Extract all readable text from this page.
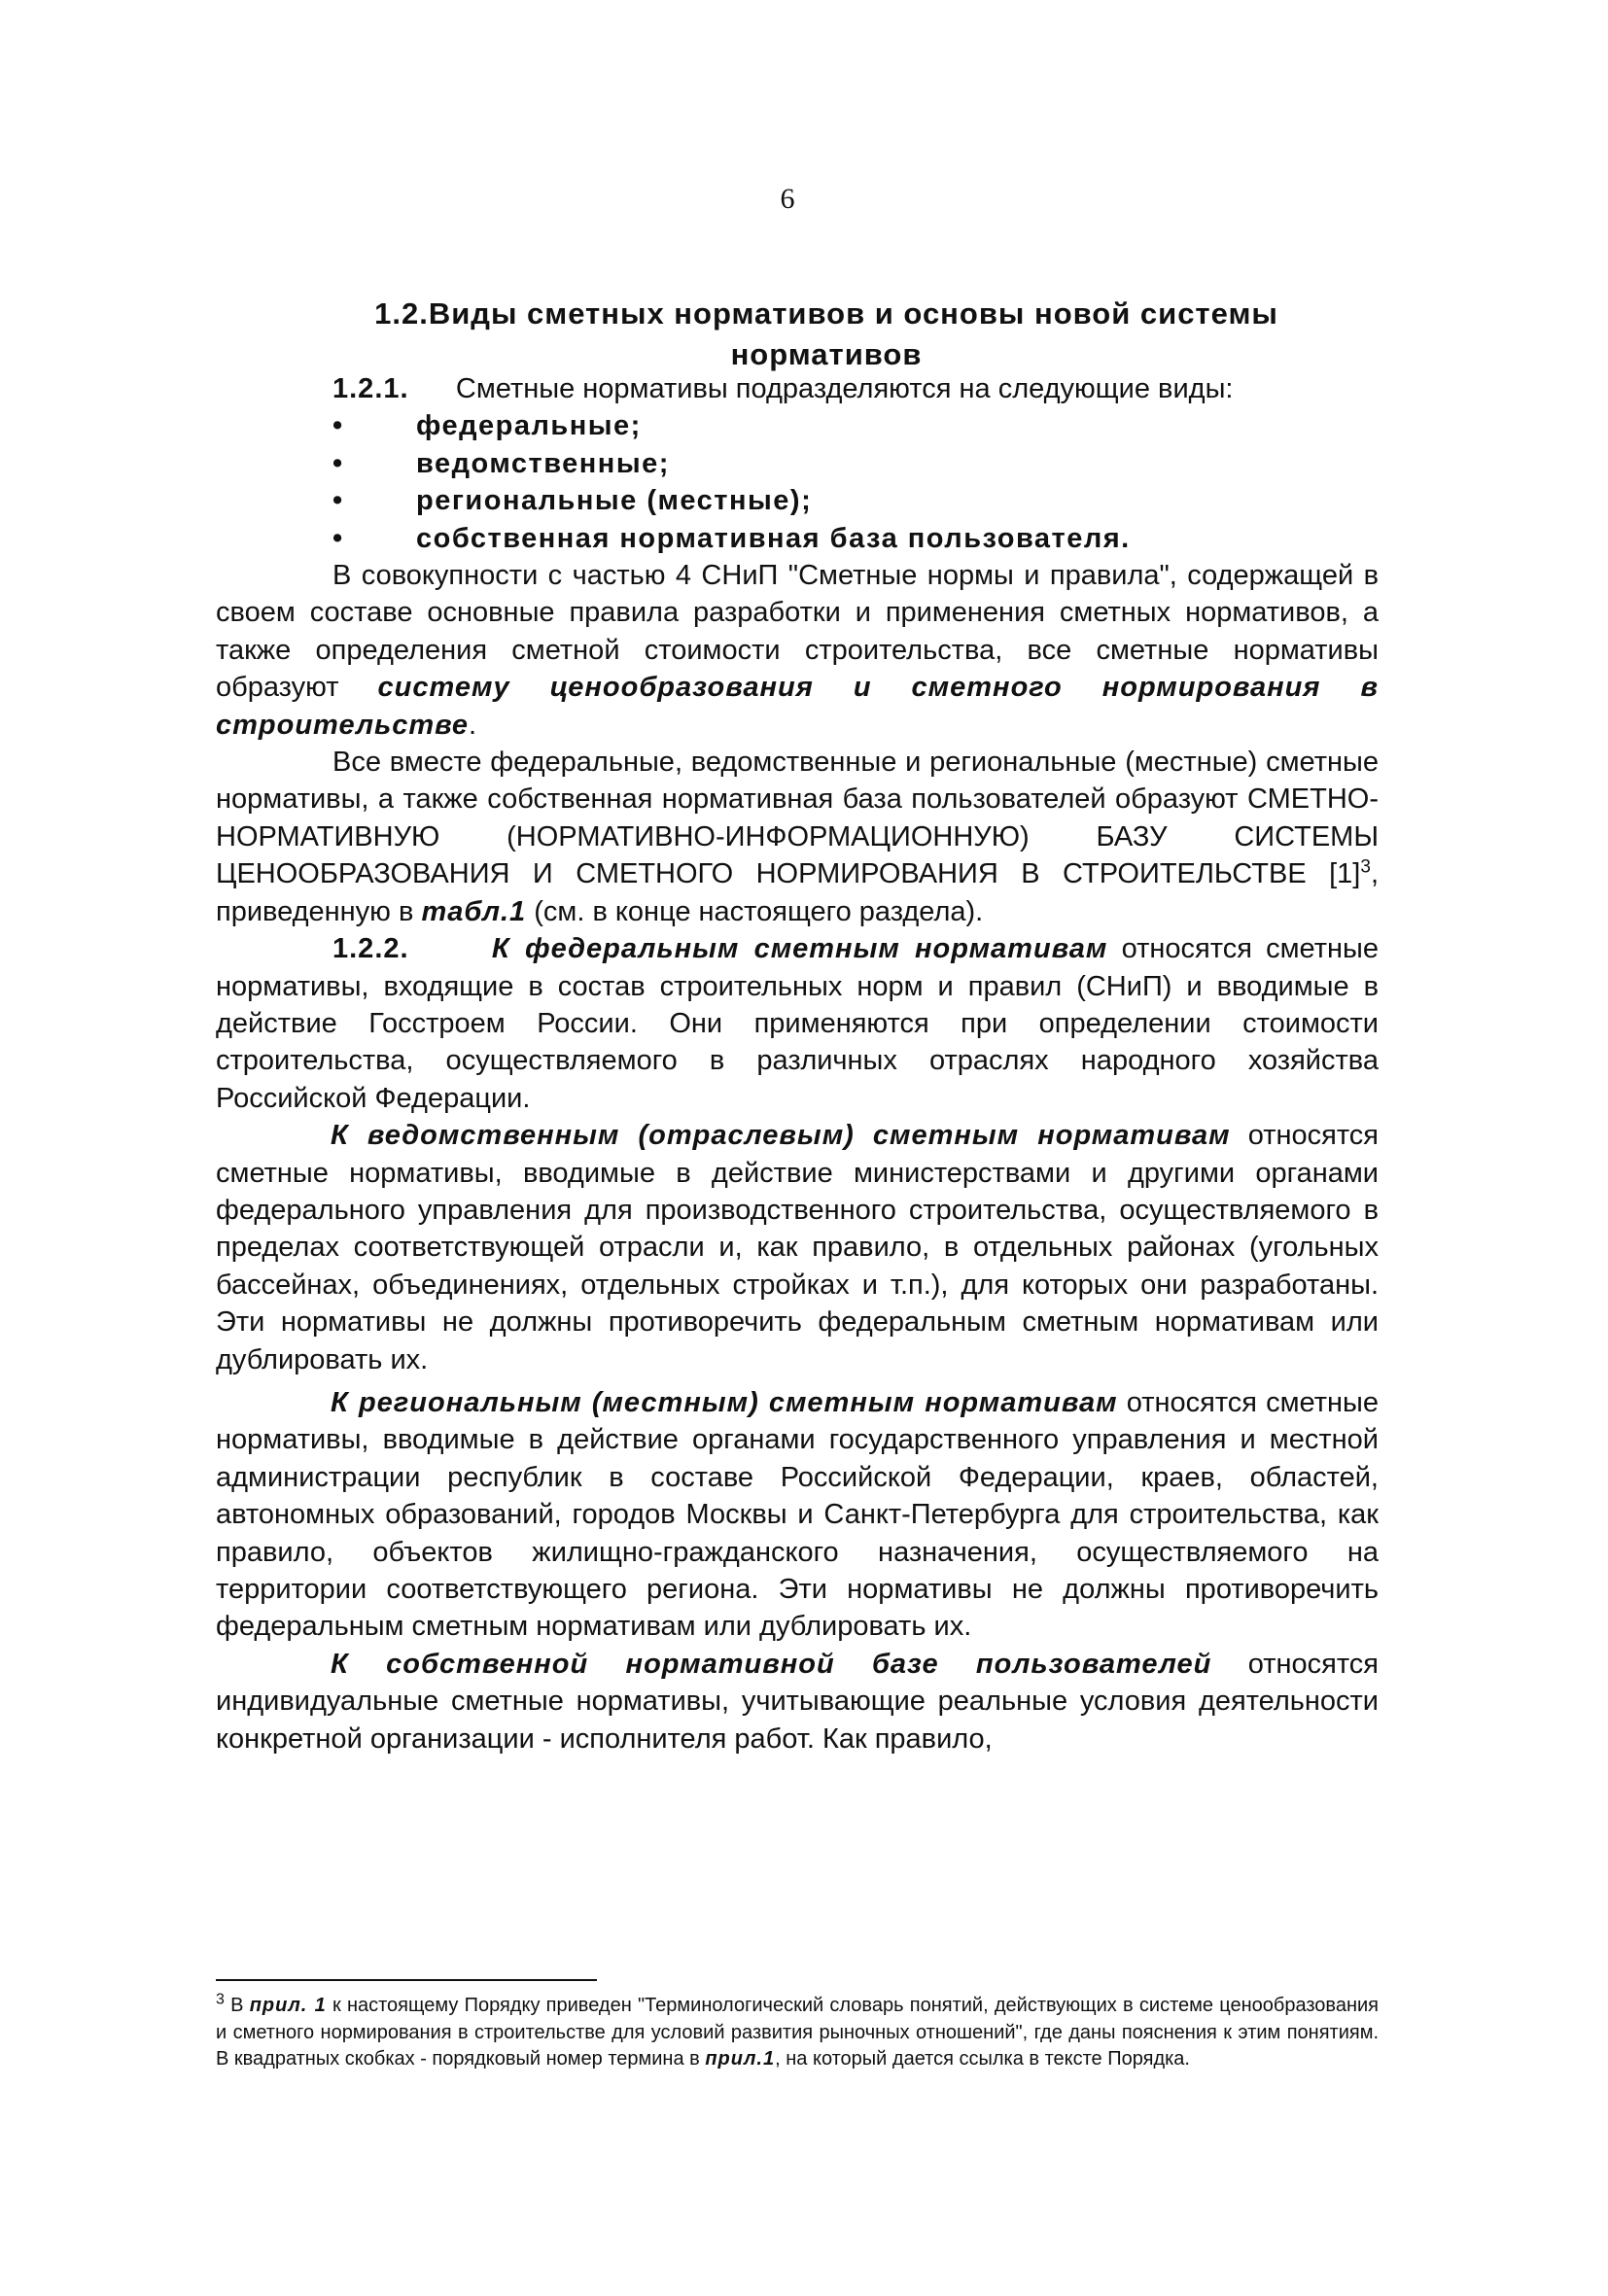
6
1.2.Виды сметных нормативов и основы новой системы
нормативов

1.2.1. Сметные нормативы подразделяются на следующие виды:

•	федеральные;
•	ведомственные;
•	региональные (местные);
•	собственная нормативная база пользователя.

В совокупности с частью 4 СНиП "Сметные нормы и правила", содержащей в своем составе основные правила разработки и применения сметных нормативов, а также определения сметной стоимости строительства, все сметные нормативы образуют систему ценообразования и сметного нормирования в строительстве.

Все вместе федеральные, ведомственные и региональные (местные) сметные нормативы, а также собственная нормативная база пользователей образуют СМЕТНО-НОРМАТИВНУЮ (НОРМАТИВНО-ИНФОРМАЦИОННУЮ) БАЗУ СИСТЕМЫ ЦЕНООБРАЗОВАНИЯ И СМЕТНОГО НОРМИРОВАНИЯ В СТРОИТЕЛЬСТВЕ $[1]^3$, приведенную в табл.1 (см. в конце настоящего раздела).

1.2.2.	К федеральным сметным нормативам относятся сметные нормативы, входящие в состав строительных норм и правил (СНиП) и вводимые в действие Госстроем России. Они применяются при определении стоимости строительства, осуществляемого в различных отраслях народного хозяйства Российской Федерации.

К ведомственным (отраслевым) сметным нормативам относятся сметные нормативы, вводимые в действие министерствами и другими органами федерального управления для производственного строительства, осуществляемого в пределах соответствующей отрасли и, как правило, в отдельных районах (угольных бассейнах, объединениях, отдельных стройках и т.п.), для которых они разработаны. Эти нормативы не должны противоречить федеральным сметным нормативам или дублировать их.

К региональным (местным) сметным нормативам относятся сметные нормативы, вводимые в действие органами государственного управления и местной администрации республик в составе Российской Федерации, краев, областей, автономных образований, городов Москвы и Санкт-Петербурга для строительства, как правило, объектов жилищно-гражданского назначения, осуществляемого на территории соответствующего региона. Эти нормативы не должны противоречить федеральным сметным нормативам или дублировать их.

К собственной нормативной базе пользователей относятся индивидуальные сметные нормативы, учитывающие реальные условия деятельности конкретной организации - исполнителя работ. Как правило,

$^3$ В прил. 1 к настоящему Порядку приведен "Терминологический словарь понятий, действующих в системе ценообразования и сметного нормирования в строительстве для условий развития рыночных отношений", где даны пояснения к этим понятиям. В квадратных скобках - порядковый номер термина в прил.1, на который дается ссылка в тексте Порядка.
